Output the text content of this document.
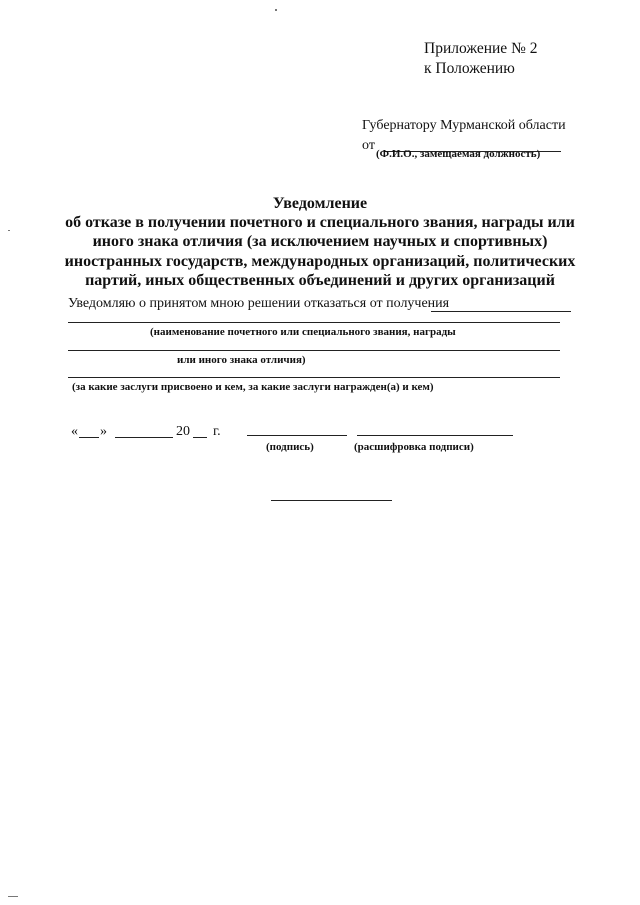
Приложение № 2
к Положению
Губернатору Мурманской области
от
(Ф.И.О., замещаемая должность)
Уведомление
об отказе в получении почетного и специального звания, награды или
иного знака отличия (за исключением научных и спортивных)
иностранных государств, международных организаций, политических
партий, иных общественных объединений и других организаций
Уведомляю о принятом мною решении отказаться от получения
(наименование почетного или специального звания, награды
или иного знака отличия)
(за какие заслуги присвоено и кем, за какие заслуги награжден(а) и кем)
« »	20 г.
(подпись)	(расшифровка подписи)
